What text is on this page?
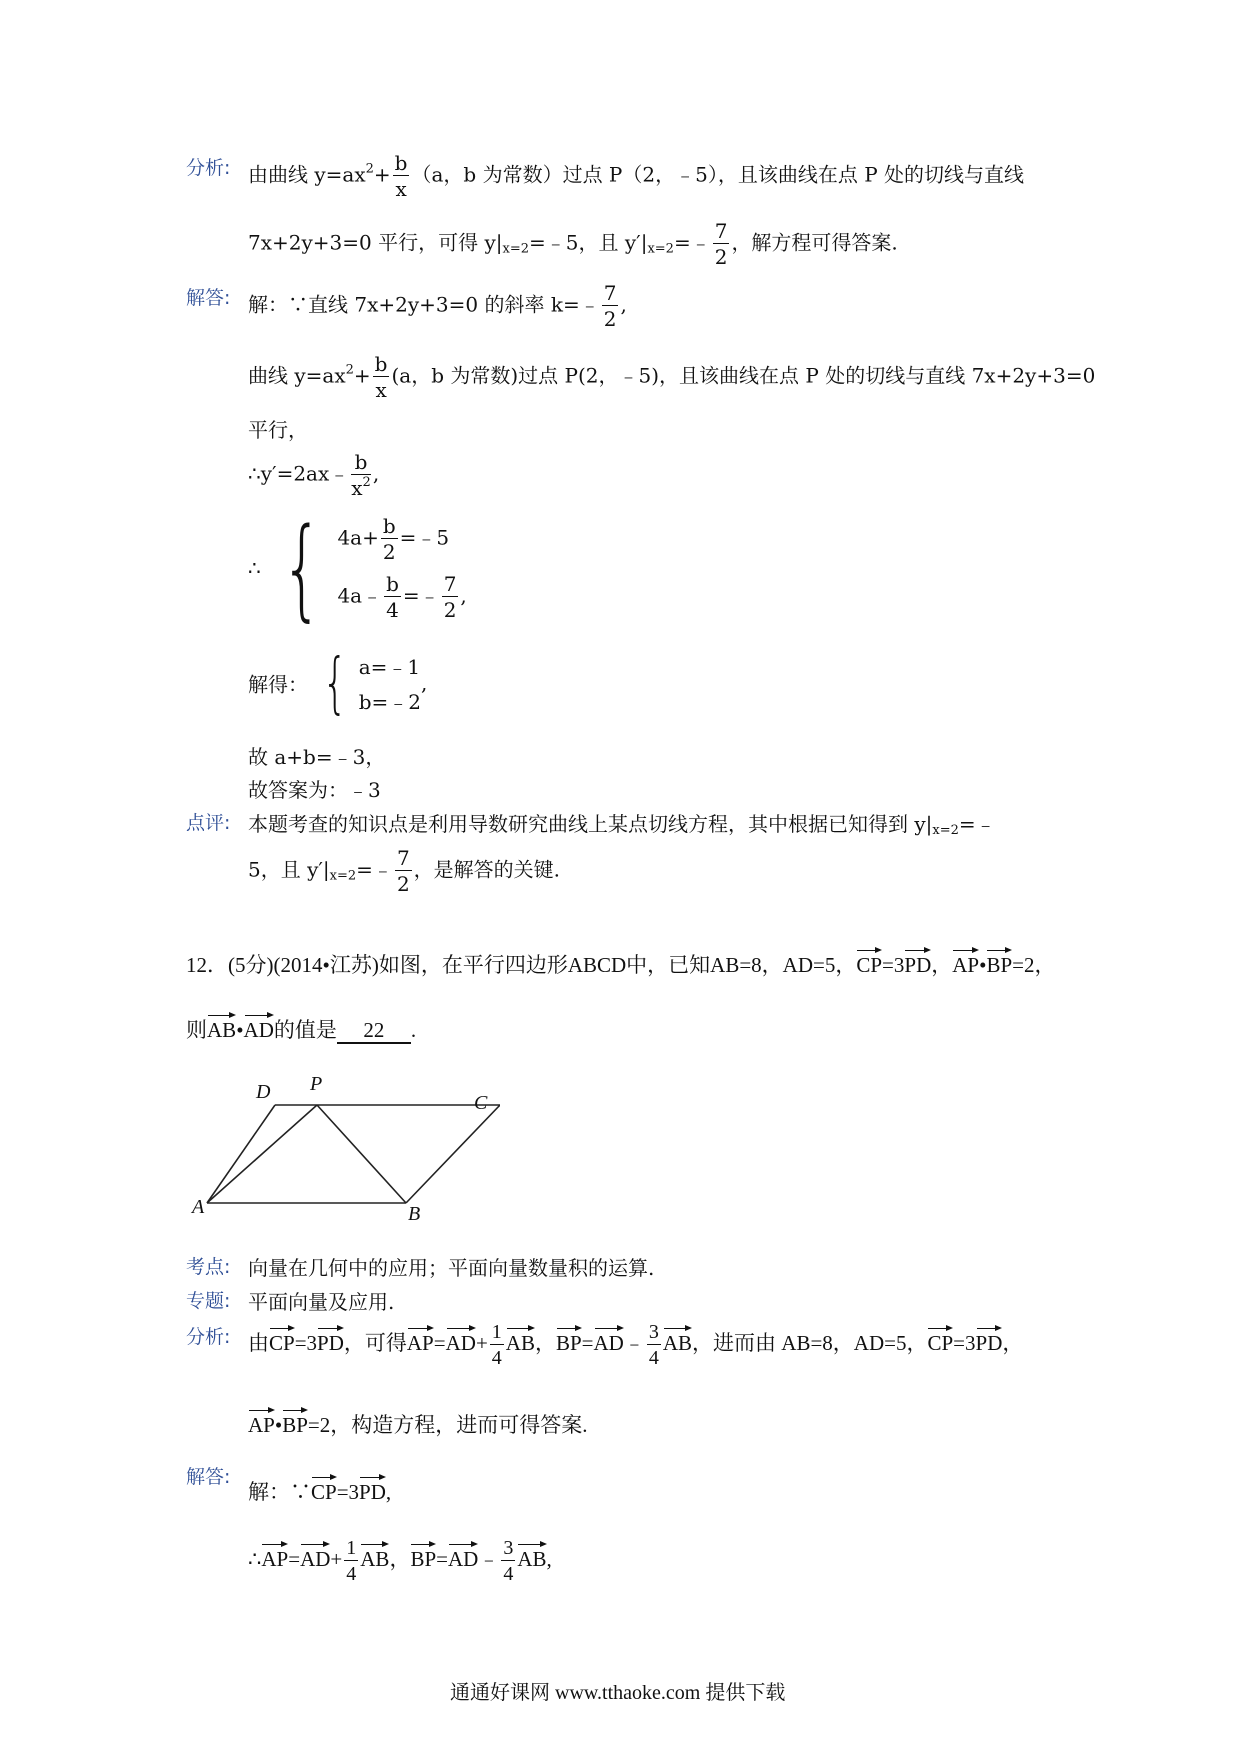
分析: 由曲线 $y=ax^2+ \frac{b}{x} (a$，b 为常数）过点 P（2，﹣5），且该曲线在点 P 处的切线与直线
7x+2y+3=0 平行，可得 $y|_{x=2}=﹣5$，且 $y'|_{x=2}=﹣ \frac{7}{2}$ ，解方程可得答案.
解答: 解：∵直线 7x+2y+3=0 的斜率 k=﹣ $\frac{7}{2}$ ,
曲线 $y=ax^2+ \frac{b}{x} (a$，b 为常数)过点 P(2，﹣5)，且该曲线在点 P 处的切线与直线 7x+2y+3=0
平行，
∴y′=2ax﹣ $\frac{b}{x^2}$ ,
∴ { $4a+ \frac{b}{2}$ =﹣5
4a﹣ $\frac{b}{4}$ =﹣ $\frac{7}{2}$ ,
解得： { a=﹣1
b=﹣2
,
故 a+b=﹣3，
故答案为：﹣3
点评: 本题考查的知识点是利用导数研究曲线上某点切线方程，其中根据已知得到 $y|_{x=2}=﹣$
5，且 $y'|_{x=2}=﹣ \frac{7}{2}$ ，是解答的关键.
12．(5分)(2014•江苏)如图，在平行四边形ABCD中，已知AB=8，AD=5，CP=3PD，AP•BP=2，
则AB•AD的值是 22 .
D P
C
A	B
考点: 向量在几何中的应用；平面向量数量积的运算.
专题: 平面向量及应用.
分析: 由CP=3PD，可得$AP=AD+ \frac{1}{4}$ AB，BP=AD﹣ $\frac{3}{4}$ AB，进而由 AB=8，AD=5，CP=3PD，
AP•BP=2，构造方程，进而可得答案.
解答:
解：∵CP=3PD,
∴AP=AD+ $\frac{1}{4}$ AB，BP=AD﹣ $\frac{3}{4}$ AB,
通通好课网 www.tthaoke.com 提供下载
